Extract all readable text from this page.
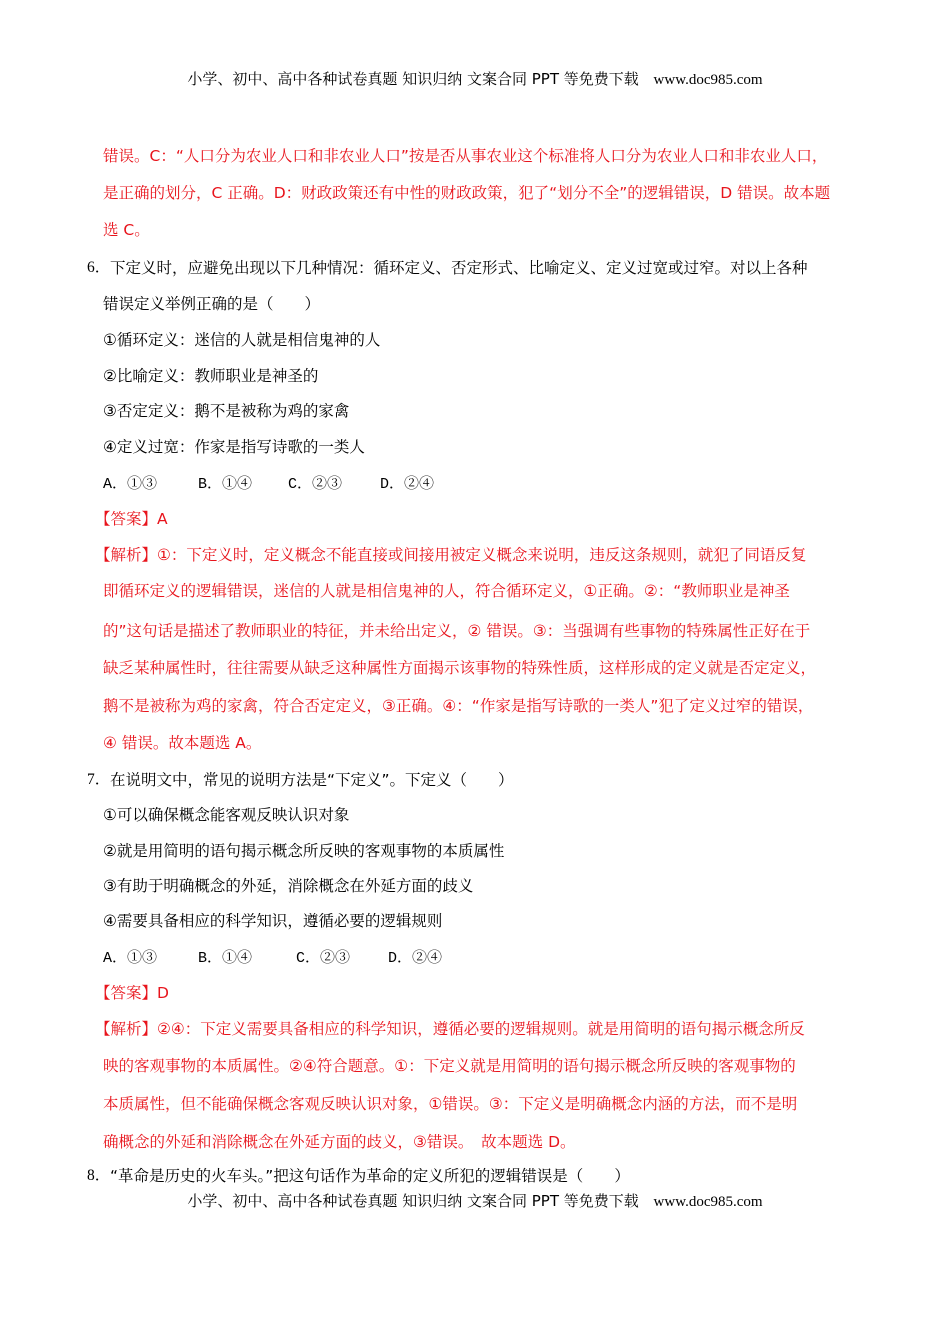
小学、初中、高中各种试卷真题 知识归纳 文案合同 PPT 等免费下载 www.doc985.com
错误。C：“人口分为农业人口和非农业人口”按是否从事农业这个标准将人口分为农业人口和非农业人口，
是正确的划分，C 正确。D：财政政策还有中性的财政政策，犯了“划分不全”的逻辑错误，D 错误。故本题
选 C。
6． 下定义时，应避免出现以下几种情况：循环定义、否定形式、比喻定义、定义过宽或过窄。对以上各种
错误定义举例正确的是（　　）
①循环定义：迷信的人就是相信鬼神的人
②比喻定义：教师职业是神圣的
③否定定义：鹅不是被称为鸡的家禽
④定义过宽：作家是指写诗歌的一类人
A．①③	B．①④ C．②③	D．②④
【答案】A
【解析】①：下定义时，定义概念不能直接或间接用被定义概念来说明，违反这条规则，就犯了同语反复
即循环定义的逻辑错误，迷信的人就是相信鬼神的人，符合循环定义，①正确。②：“教师职业是神圣
的”这句话是描述了教师职业的特征，并未给出定义，② 错误。③：当强调有些事物的特殊属性正好在于
缺乏某种属性时，往往需要从缺乏这种属性方面揭示该事物的特殊性质，这样形成的定义就是否定定义，
鹅不是被称为鸡的家禽，符合否定定义，③正确。④：“作家是指写诗歌的一类人”犯了定义过窄的错误，
④ 错误。故本题选 A。
7． 在说明文中，常见的说明方法是“下定义”。下定义（　　）
①可以确保概念能客观反映认识对象
②就是用简明的语句揭示概念所反映的客观事物的本质属性
③有助于明确概念的外延，消除概念在外延方面的歧义
④需要具备相应的科学知识，遵循必要的逻辑规则
A．①③	B．①④	C．②③	D．②④
【答案】D
【解析】②④：下定义需要具备相应的科学知识，遵循必要的逻辑规则。就是用简明的语句揭示概念所反
映的客观事物的本质属性。②④符合题意。①：下定义就是用简明的语句揭示概念所反映的客观事物的
本质属性，但不能确保概念客观反映认识对象，①错误。③：下定义是明确概念内涵的方法，而不是明
确概念的外延和消除概念在外延方面的歧义，③错误。　故本题选 D。
8． “革命是历史的火车头。”把这句话作为革命的定义所犯的逻辑错误是（　　）
小学、初中、高中各种试卷真题 知识归纳 文案合同 PPT 等免费下载 www.doc985.com
